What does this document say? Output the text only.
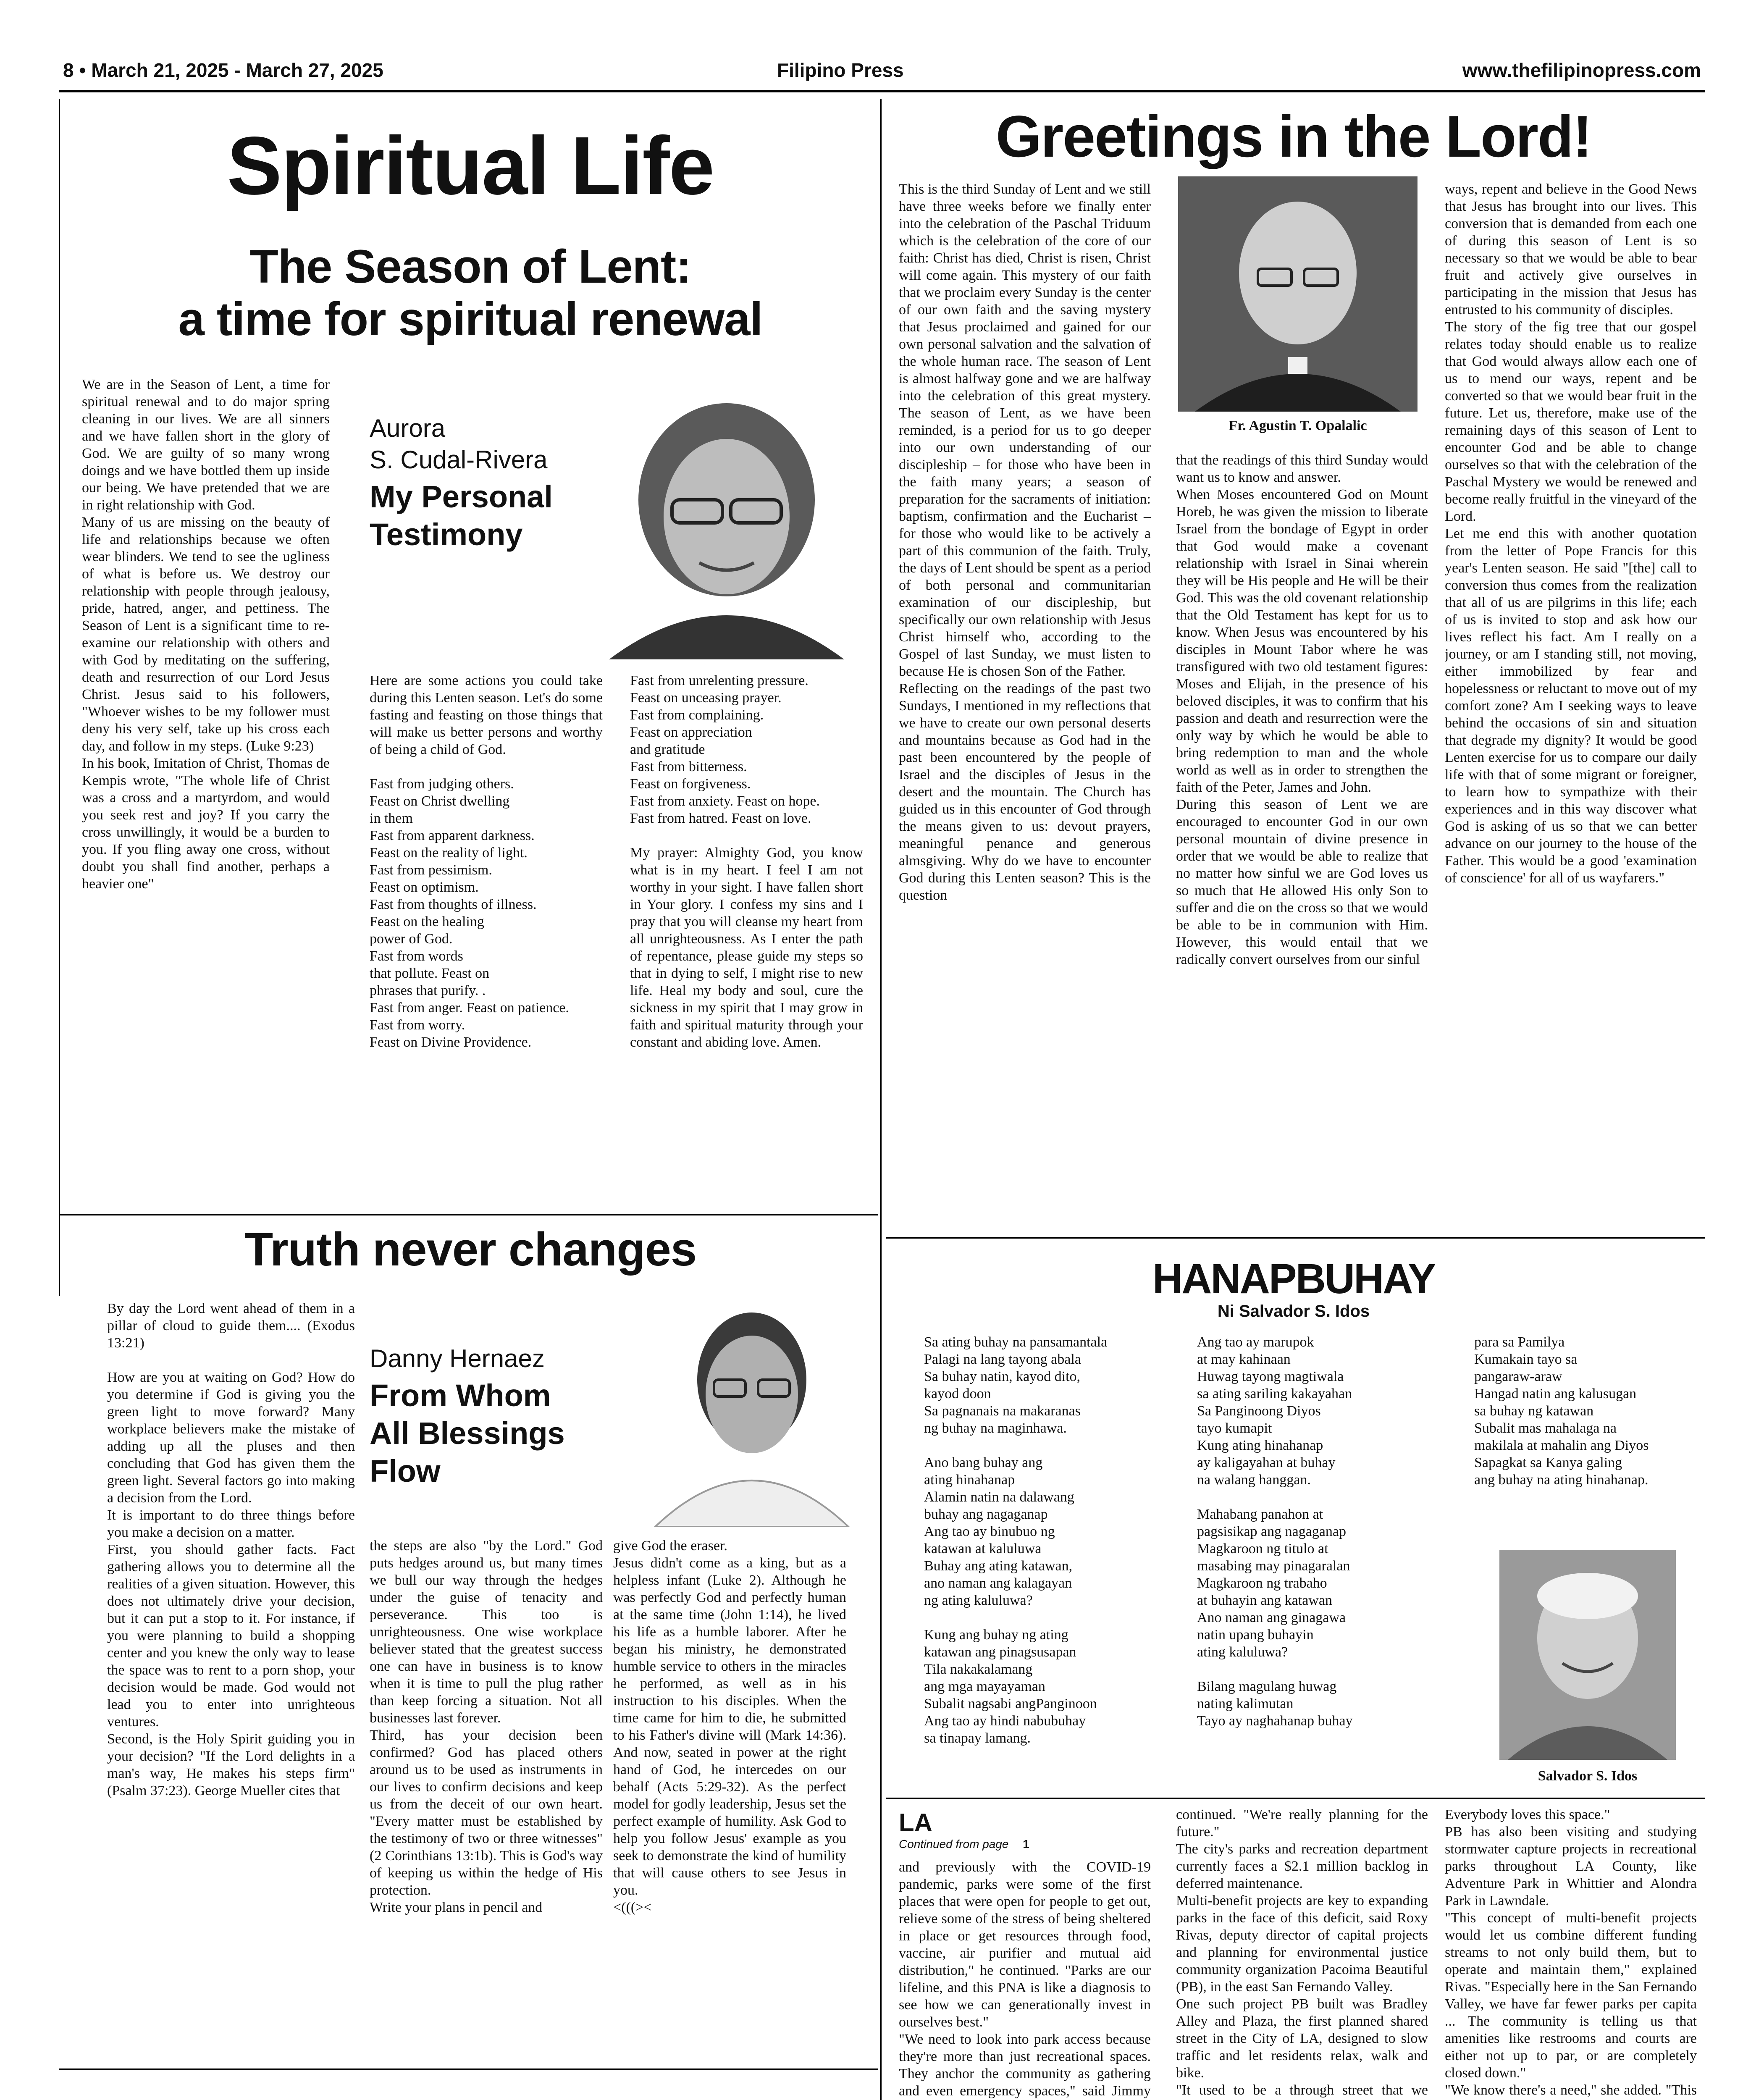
8 • March 21, 2025 - March 27, 2025	Filipino Press	www.thefilipinopress.com
Spiritual Life
The Season of Lent:
a time for spiritual renewal
We are in the Season of Lent, a time for spiritual renewal and to do major spring cleaning in our lives. We are all sinners and we have fallen short in the glory of God. We are guilty of so many wrong doings and we have bottled them up inside our being. We have pretended that we are in right relationship with God.
Many of us are missing on the beauty of life and relationships because we often wear blinders. We tend to see the ugliness of what is before us. We destroy our relationship with people through jealousy, pride, hatred, anger, and pettiness. The Season of Lent is a significant time to re-examine our relationship with others and with God by meditating on the suffering, death and resurrection of our Lord Jesus Christ. Jesus said to his followers, "Whoever wishes to be my follower must deny his very self, take up his cross each day, and follow in my steps. (Luke 9:23)
In his book, Imitation of Christ, Thomas de Kempis wrote, "The whole life of Christ was a cross and a martyrdom, and would you seek rest and joy? If you carry the cross unwillingly, it would be a burden to you. If you fling away one cross, without doubt you shall find another, perhaps a heavier one"
Aurora
S. Cudal-Rivera
My Personal
Testimony
Here are some actions you could take during this Lenten season. Let's do some fasting and feasting on those things that will make us better persons and worthy of being a child of God.

Fast from judging others.
Feast on Christ dwelling
in them
Fast from apparent darkness.
Feast on the reality of light.
Fast from pessimism.
Feast on optimism.
Fast from thoughts of illness.
Feast on the healing
power of God.
Fast from words
that pollute. Feast on
phrases that purify. .
Fast from anger. Feast on patience.
Fast from worry.
Feast on Divine Providence.
Fast from unrelenting pressure.
Feast on unceasing prayer.
Fast from complaining.
Feast on appreciation
and gratitude
Fast from bitterness.
Feast on forgiveness.
Fast from anxiety. Feast on hope.
Fast from hatred. Feast on love.

My prayer: Almighty God, you know what is in my heart. I feel I am not worthy in your sight. I have fallen short in Your glory. I confess my sins and I pray that you will cleanse my heart from all unrighteousness. As I enter the path of repentance, please guide my steps so that in dying to self, I might rise to new life. Heal my body and soul, cure the sickness in my spirit that I may grow in faith and spiritual maturity through your constant and abiding love. Amen.
Truth never changes
By day the Lord went ahead of them in a pillar of cloud to guide them.... (Exodus 13:21)

How are you at waiting on God? How do you determine if God is giving you the green light to move forward? Many workplace believers make the mistake of adding up all the pluses and then concluding that God has given them the green light. Several factors go into making a decision from the Lord.
It is important to do three things before you make a decision on a matter.
First, you should gather facts. Fact gathering allows you to determine all the realities of a given situation. However, this does not ultimately drive your decision, but it can put a stop to it. For instance, if you were planning to build a shopping center and you knew the only way to lease the space was to rent to a porn shop, your decision would be made. God would not lead you to enter into unrighteous ventures.
Second, is the Holy Spirit guiding you in your decision? "If the Lord delights in a man's way, He makes his steps firm" (Psalm 37:23). George Mueller cites that
Danny Hernaez
From Whom
All Blessings
Flow
the steps are also "by the Lord." God puts hedges around us, but many times we bull our way through the hedges under the guise of tenacity and perseverance. This too is unrighteousness. One wise workplace believer stated that the greatest success one can have in business is to know when it is time to pull the plug rather than keep forcing a situation. Not all businesses last forever.
Third, has your decision been confirmed? God has placed others around us to be used as instruments in our lives to confirm decisions and keep us from the deceit of our own heart. "Every matter must be established by the testimony of two or three witnesses" (2 Corinthians 13:1b). This is God's way of keeping us within the hedge of His protection.
Write your plans in pencil and
give God the eraser.
Jesus didn't come as a king, but as a helpless infant (Luke 2). Although he was perfectly God and perfectly human at the same time (John 1:14), he lived his life as a humble laborer. After he began his ministry, he demonstrated humble service to others in the miracles he performed, as well as in his instruction to his disciples. When the time came for him to die, he submitted to his Father's divine will (Mark 14:36). And now, seated in power at the right hand of God, he intercedes on our behalf (Acts 5:29-32). As the perfect model for godly leadership, Jesus set the perfect example of humility. Ask God to help you follow Jesus' example as you seek to demonstrate the kind of humility that will cause others to see Jesus in you.
<(((><
Greetings in the Lord!
This is the third Sunday of Lent and we still have three weeks before we finally enter into the celebration of the Paschal Triduum which is the celebration of the core of our faith: Christ has died, Christ is risen, Christ will come again. This mystery of our faith that we proclaim every Sunday is the center of our own faith and the saving mystery that Jesus proclaimed and gained for our own personal salvation and the salvation of the whole human race. The season of Lent is almost halfway gone and we are halfway into the celebration of this great mystery. The season of Lent, as we have been reminded, is a period for us to go deeper into our own understanding of our discipleship – for those who have been in the faith many years; a season of preparation for the sacraments of initiation: baptism, confirmation and the Eucharist – for those who would like to be actively a part of this communion of the faith. Truly, the days of Lent should be spent as a period of both personal and communitarian examination of our discipleship, but specifically our own relationship with Jesus Christ himself who, according to the Gospel of last Sunday, we must listen to because He is chosen Son of the Father.
Reflecting on the readings of the past two Sundays, I mentioned in my reflections that we have to create our own personal deserts and mountains because as God had in the past been encountered by the people of Israel and the disciples of Jesus in the desert and the mountain. The Church has guided us in this encounter of God through the means given to us: devout prayers, meaningful penance and generous almsgiving. Why do we have to encounter God during this Lenten season? This is the question
Fr. Agustin T. Opalalic
that the readings of this third Sunday would want us to know and answer.
When Moses encountered God on Mount Horeb, he was given the mission to liberate Israel from the bondage of Egypt in order that God would make a covenant relationship with Israel in Sinai wherein they will be His people and He will be their God. This was the old covenant relationship that the Old Testament has kept for us to know. When Jesus was encountered by his disciples in Mount Tabor where he was transfigured with two old testament figures: Moses and Elijah, in the presence of his beloved disciples, it was to confirm that his passion and death and resurrection were the only way by which he would be able to bring redemption to man and the whole world as well as in order to strengthen the faith of the Peter, James and John.
During this season of Lent we are encouraged to encounter God in our own personal mountain of divine presence in order that we would be able to realize that no matter how sinful we are God loves us so much that He allowed His only Son to suffer and die on the cross so that we would be able to be in communion with Him. However, this would entail that we radically convert ourselves from our sinful
ways, repent and believe in the Good News that Jesus has brought into our lives. This conversion that is demanded from each one of during this season of Lent is so necessary so that we would be able to bear fruit and actively give ourselves in participating in the mission that Jesus has entrusted to his community of disciples.
The story of the fig tree that our gospel relates today should enable us to realize that God would always allow each one of us to mend our ways, repent and be converted so that we would bear fruit in the future. Let us, therefore, make use of the remaining days of this season of Lent to encounter God and be able to change ourselves so that with the celebration of the Paschal Mystery we would be renewed and become really fruitful in the vineyard of the Lord.
Let me end this with another quotation from the letter of Pope Francis for this year's Lenten season. He said "[the] call to conversion thus comes from the realization that all of us are pilgrims in this life; each of us is invited to stop and ask how our lives reflect his fact. Am I really on a journey, or am I standing still, not moving, either immobilized by fear and hopelessness or reluctant to move out of my comfort zone? Am I seeking ways to leave behind the occasions of sin and situation that degrade my dignity? It would be good Lenten exercise for us to compare our daily life with that of some migrant or foreigner, to learn how to sympathize with their experiences and in this way discover what God is asking of us so that we can better advance on our journey to the house of the Father. This would be a good 'examination of conscience' for all of us wayfarers."
HANAPBUHAY
Ni Salvador S. Idos
Sa ating buhay na pansamantala
Palagi na lang tayong abala
Sa buhay natin, kayod dito,
kayod doon
Sa pagnanais na makaranas
ng buhay na maginhawa.

Ano bang buhay ang
ating hinahanap
Alamin natin na dalawang
buhay ang nagaganap
Ang tao ay binubuo ng
katawan at kaluluwa
Buhay ang ating katawan,
ano naman ang kalagayan
ng ating kaluluwa?

Kung ang buhay ng ating
katawan ang pinagsusapan
Tila nakakalamang
ang mga mayayaman
Subalit nagsabi angPanginoon
Ang tao ay hindi nabubuhay
sa tinapay lamang.
Ang tao ay marupok
at may kahinaan
Huwag tayong magtiwala
sa ating sariling kakayahan
Sa Panginoong Diyos
tayo kumapit
Kung ating hinahanap
ay kaligayahan at buhay
na walang hanggan.

Mahabang panahon at
pagsisikap ang nagaganap
Magkaroon ng titulo at
masabing may pinagaralan
Magkaroon ng trabaho
at buhayin ang katawan
Ano naman ang ginagawa
natin upang buhayin
ating kaluluwa?

Bilang magulang huwag
nating kalimutan
Tayo ay naghahanap buhay
para sa Pamilya
Kumakain tayo sa
pangaraw-araw
Hangad natin ang kalusugan
sa buhay ng katawan
Subalit mas mahalaga na
makilala at mahalin ang Diyos
Sapagkat sa Kanya galing
ang buhay na ating hinahanap.
Salvador S. Idos
LA
Continued from page 1
and previously with the COVID-19 pandemic, parks were some of the first places that were open for people to get out, relieve some of the stress of being sheltered in place or get resources through food, vaccine, air purifier and mutual aid distribution," he continued. "Parks are our lifeline, and this PNA is like a diagnosis to see how we can generationally invest in ourselves best."
"We need to look into park access because they're more than just recreational spaces. They anchor the community as gathering and even emergency spaces," said Jimmy

continued. "We're really planning for the future."
The city's parks and recreation department currently faces a $2.1 million backlog in deferred maintenance.
Multi-benefit projects are key to expanding parks in the face of this deficit, said Roxy Rivas, deputy director of capital projects and planning for environmental justice community organization Pacoima Beautiful (PB), in the east San Fernando Valley.
One such project PB built was Bradley Alley and Plaza, the first planned shared street in the City of LA, designed to slow traffic and let residents relax, walk and bike.
"It used to be a through street that we
Everybody loves this space."
PB has also been visiting and studying stormwater capture projects in recreational parks throughout LA County, like Adventure Park in Whittier and Alondra Park in Lawndale.
"This concept of multi-benefit projects would let us combine different funding streams to not only build them, but to operate and maintain them," explained Rivas. "Especially here in the San Fernando Valley, we have far fewer parks per capita ... The community is telling us that amenities like restrooms and courts are either not up to par, or are completely closed down."
"We know there's a need," she added. "This
